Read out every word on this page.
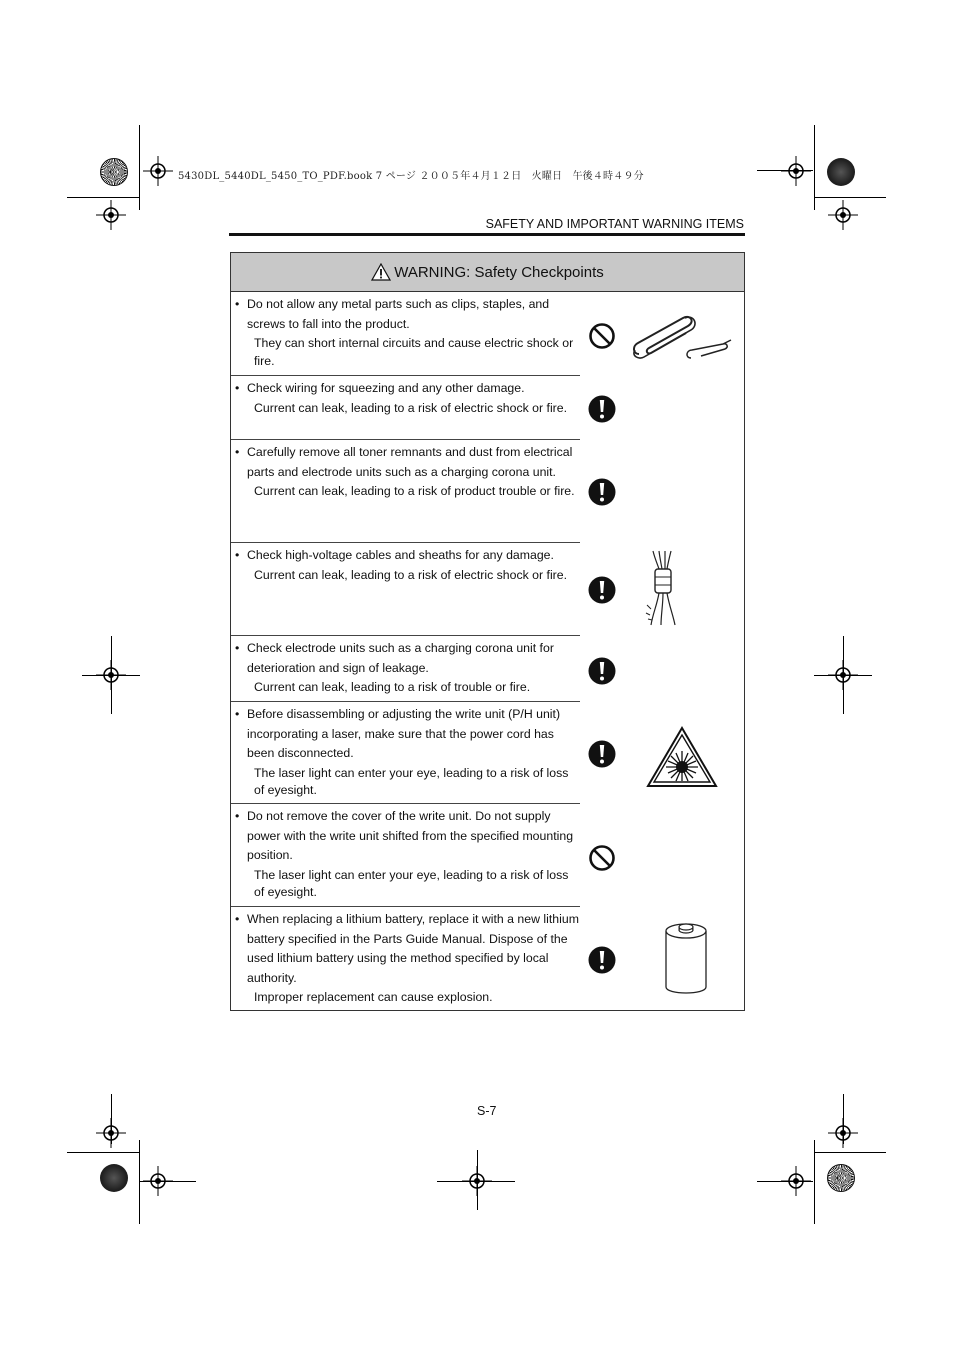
5430DL_5440DL_5450_TO_PDF.book 7 ページ ２００５年４月１２日　火曜日　午後４時４９分
SAFETY AND IMPORTANT WARNING ITEMS
WARNING: Safety Checkpoints
• Do not allow any metal parts such as clips, staples, and screws to fall into the product.
They can short internal circuits and cause electric shock or fire.
• Check wiring for squeezing and any other damage.
Current can leak, leading to a risk of electric shock or fire.
• Carefully remove all toner remnants and dust from electrical parts and electrode units such as a charging corona unit.
Current can leak, leading to a risk of product trouble or fire.
• Check high-voltage cables and sheaths for any damage.
Current can leak, leading to a risk of electric shock or fire.
• Check electrode units such as a charging corona unit for deterioration and sign of leakage.
Current can leak, leading to a risk of trouble or fire.
• Before disassembling or adjusting the write unit (P/H unit) incorporating a laser, make sure that the power cord has been disconnected.
The laser light can enter your eye, leading to a risk of loss of eyesight.
• Do not remove the cover of the write unit. Do not supply power with the write unit shifted from the specified mounting position.
The laser light can enter your eye, leading to a risk of loss of eyesight.
• When replacing a lithium battery, replace it with a new lithium battery specified in the Parts Guide Manual. Dispose of the used lithium battery using the method specified by local authority.
Improper replacement can cause explosion.
S-7
